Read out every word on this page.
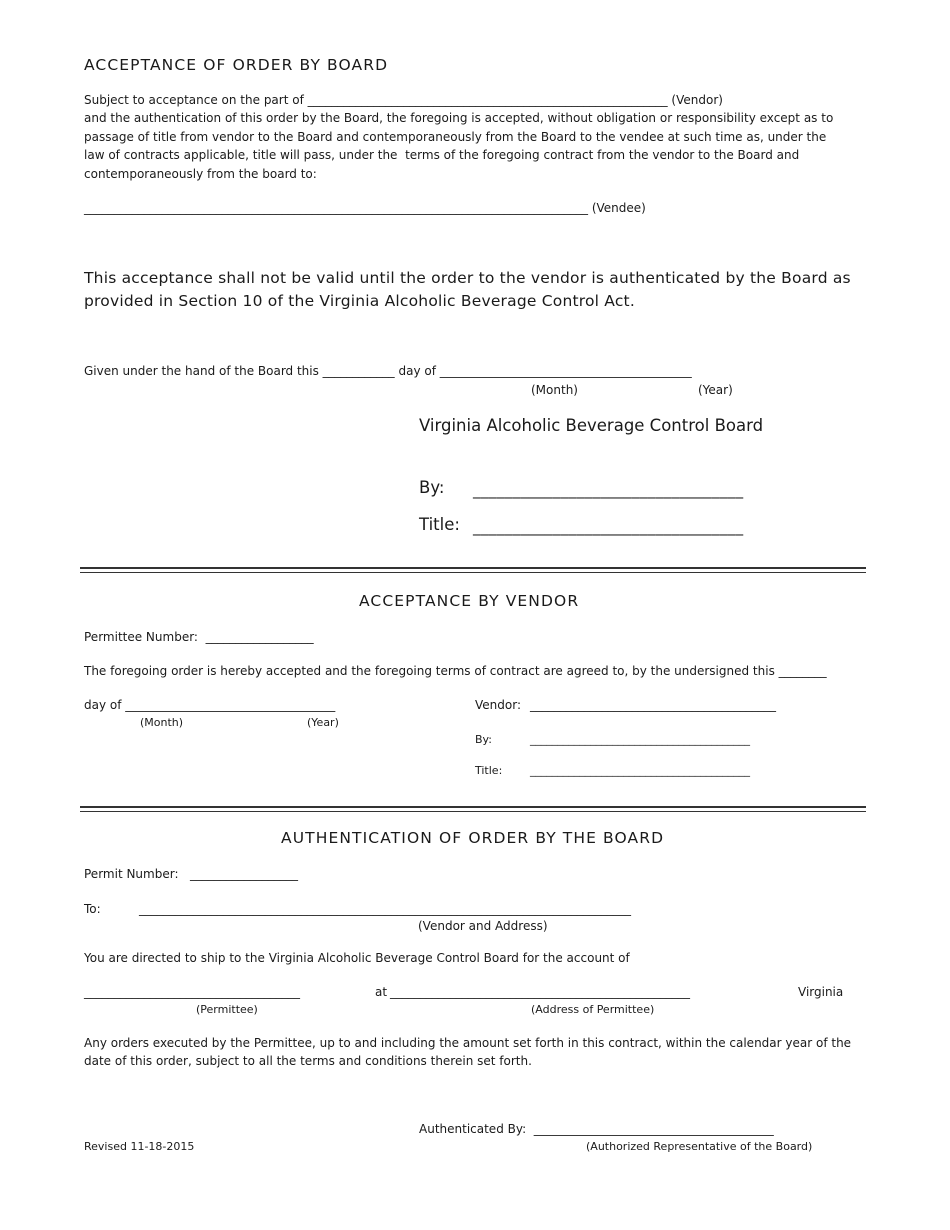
ACCEPTANCE OF ORDER BY BOARD
Subject to acceptance on the part of ____________________________________________________________ (Vendor)
and the authentication of this order by the Board, the foregoing is accepted, without obligation or responsibility except as to
passage of title from vendor to the Board and contemporaneously from the Board to the vendee at such time as, under the
law of contracts applicable, title will pass, under the  terms of the foregoing contract from the vendor to the Board and
contemporaneously from the board to:
____________________________________________________________________________________ (Vendee)
This acceptance shall not be valid until the order to the vendor is authenticated by the Board as
provided in Section 10 of the Virginia Alcoholic Beverage Control Act.
Given under the hand of the Board this ____________ day of __________________________________________
(Month)	(Year)
Virginia Alcoholic Beverage Control Board
By: __________________________________
Title: __________________________________
ACCEPTANCE BY VENDOR
Permittee Number:  __________________
The foregoing order is hereby accepted and the foregoing terms of contract are agreed to, by the undersigned this ________
day of ___________________________________
(Month)	(Year)
Vendor: _________________________________________
By:	________________________________________
Title:	________________________________________
AUTHENTICATION OF ORDER BY THE BOARD
Permit Number:   __________________
To:	__________________________________________________________________________________
(Vendor and Address)
You are directed to ship to the Virginia Alcoholic Beverage Control Board for the account of
____________________________________	at __________________________________________________	Virginia
(Permittee)	(Address of Permittee)
Any orders executed by the Permittee, up to and including the amount set forth in this contract, within the calendar year of the
date of this order, subject to all the terms and conditions therein set forth.
Authenticated By:  ________________________________________
(Authorized Representative of the Board)
Revised 11-18-2015
